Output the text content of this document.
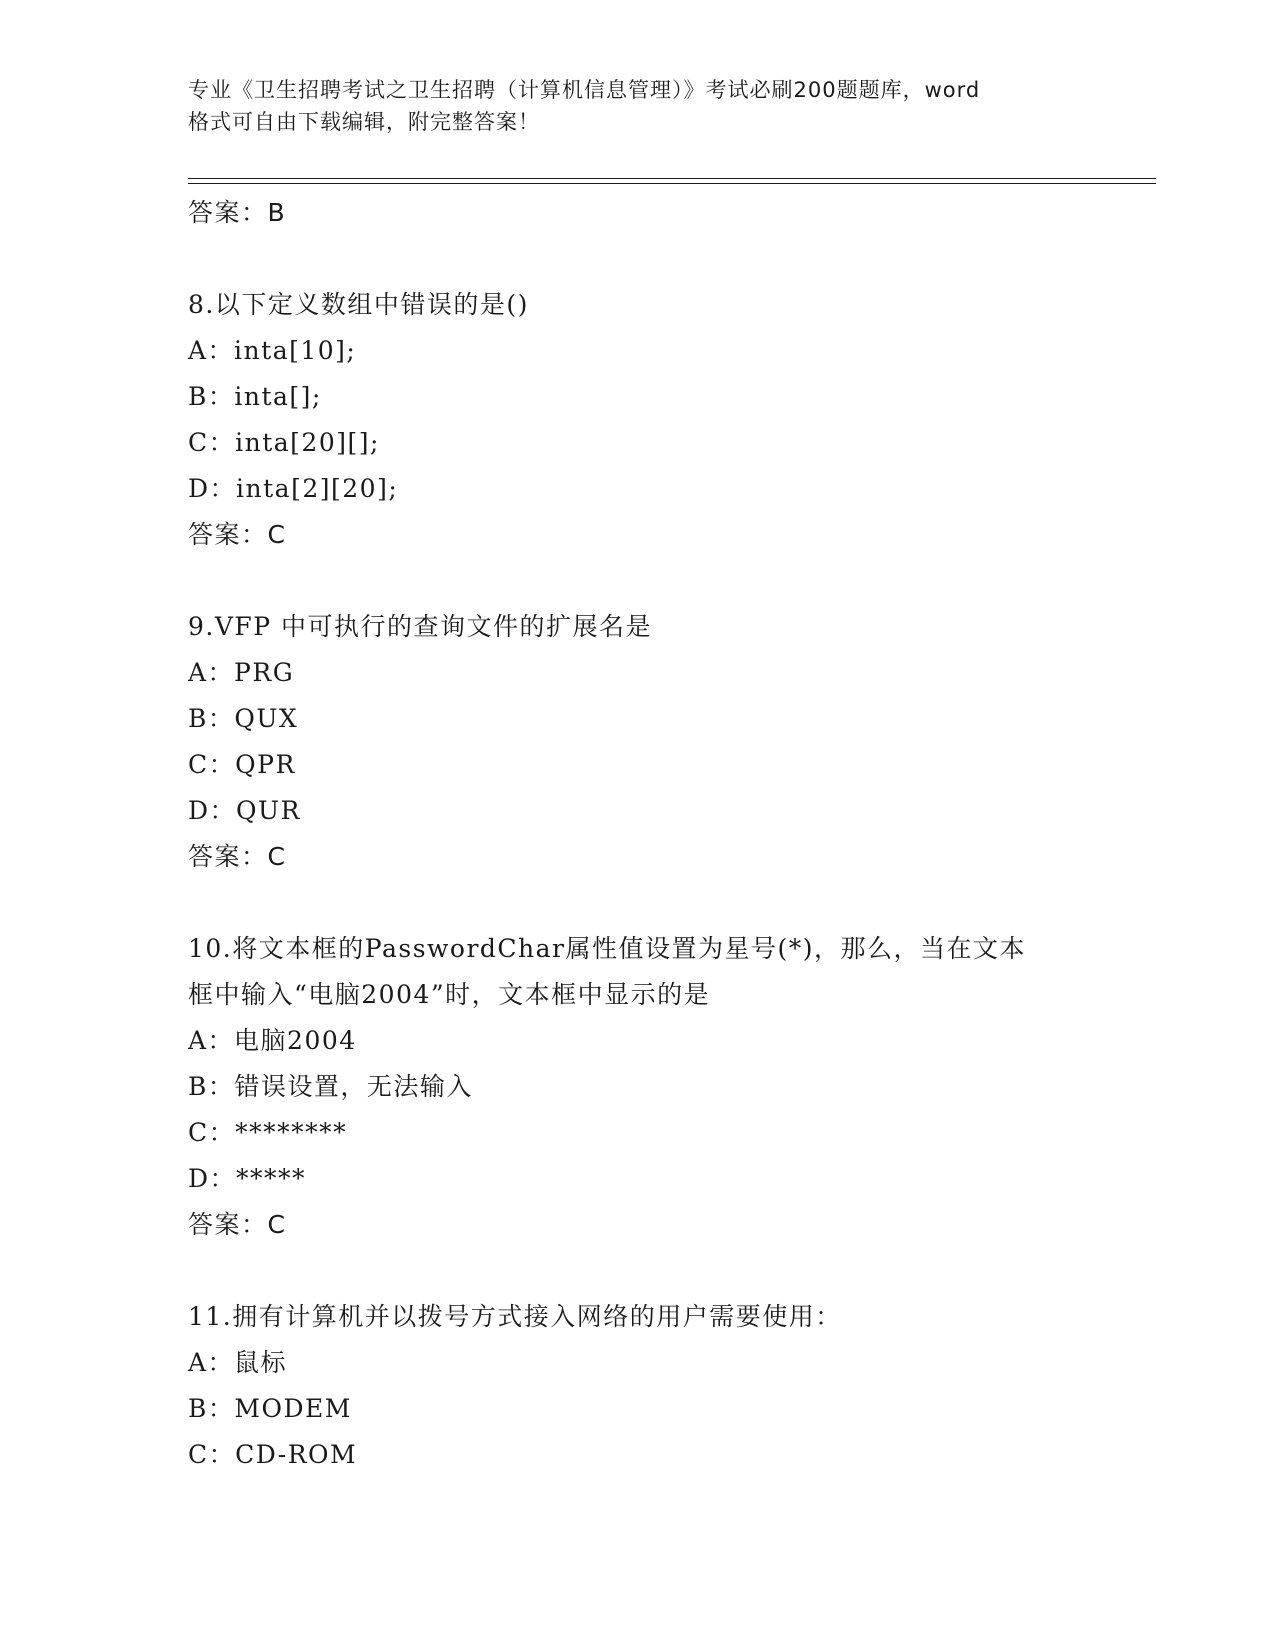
专业《卫生招聘考试之卫生招聘（计算机信息管理）》考试必刷200题题库，word
格式可自由下载编辑，附完整答案！
答案：B
8.以下定义数组中错误的是()
A：inta[10];
B：inta[];
C：inta[20][];
D：inta[2][20];
答案：C
9.VFP 中可执行的查询文件的扩展名是
A：PRG
B：QUX
C：QPR
D：QUR
答案：C
10.将文本框的PasswordChar属性值设置为星号(*)，那么，当在文本
框中输入“电脑2004”时，文本框中显示的是
A：电脑2004
B：错误设置，无法输入
C：********
D：*****
答案：C
11.拥有计算机并以拨号方式接入网络的用户需要使用：
A：鼠标
B：MODEM
C：CD-ROM
